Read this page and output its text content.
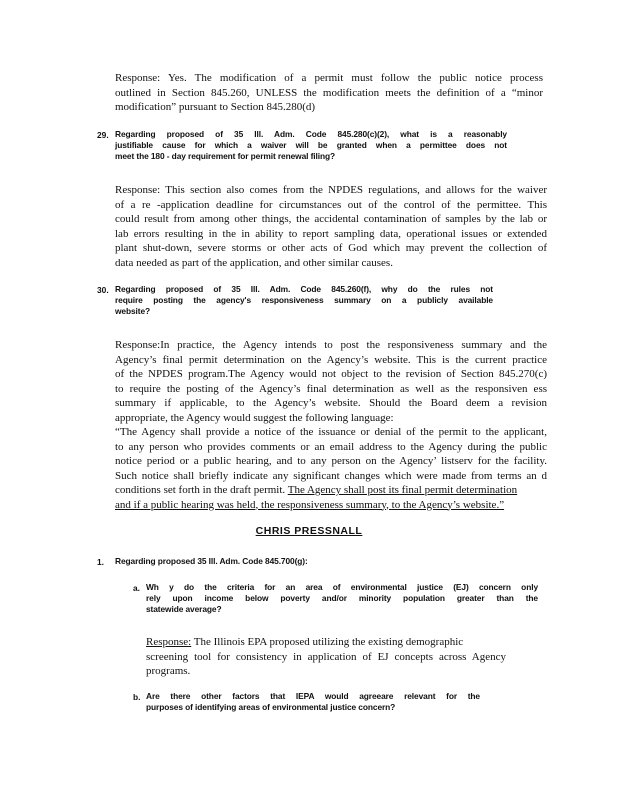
Response: Yes. The modification of a permit must follow the public notice process
outlined in Section 845.260, UNLESS the modification meets the definition of a “minor
modification” pursuant to Section 845.280(d)
29. Regarding proposed of 35 Ill. Adm. Code 845.280(c)(2), what is a reasonably
justifiable cause for which a waiver will be granted when a permittee does not
meet the 180 - day requirement for permit renewal filing?
Response: This section also comes from the NPDES regulations, and allows for the waiver
of a re -application deadline for circumstances out of the control of the permittee. This
could result from among other things, the accidental contamination of samples by the lab or
lab errors resulting in the in ability to report sampling data, operational issues or extended
plant shut-down, severe storms or other acts of God which may prevent the collection of
data needed as part of the application, and other similar causes.
30. Regarding proposed of 35 Ill. Adm. Code 845.260(f), why do the rules not
require posting the agency's responsiveness summary on a publicly available
website?
Response:In practice, the Agency intends to post the responsiveness summary and the
Agency’s final permit determination on the Agency’s website. This is the current practice
of the NPDES program.The Agency would not object to the revision of Section 845.270(c)
to require the posting of the Agency’s final determination as well as the responsiven ess
summary if applicable, to the Agency’s website. Should the Board deem a revision
appropriate, the Agency would suggest the following language:
“The Agency shall provide a notice of the issuance or denial of the permit to the applicant,
to any person who provides comments or an email address to the Agency during the public
notice period or a public hearing, and to any person on the Agency’ listserv for the facility.
Such notice shall briefly indicate any significant changes which were made from terms an d
conditions set forth in the draft permit. The Agency shall post its final permit determination
and if a public hearing was held, the responsiveness summary, to the Agency’s website.”
CHRIS PRESSNALL
1. Regarding proposed 35 Ill. Adm. Code 845.700(g):
a. Wh y do the criteria for an area of environmental justice (EJ) concern only
rely upon income below poverty and/or minority population greater than the
statewide average?
Response: The Illinois EPA proposed utilizing the existing demographic
screening tool for consistency in application of EJ concepts across Agency
programs.
b. Are there other factors that IEPA would agreeare relevant for the
purposes of identifying areas of environmental justice concern?
